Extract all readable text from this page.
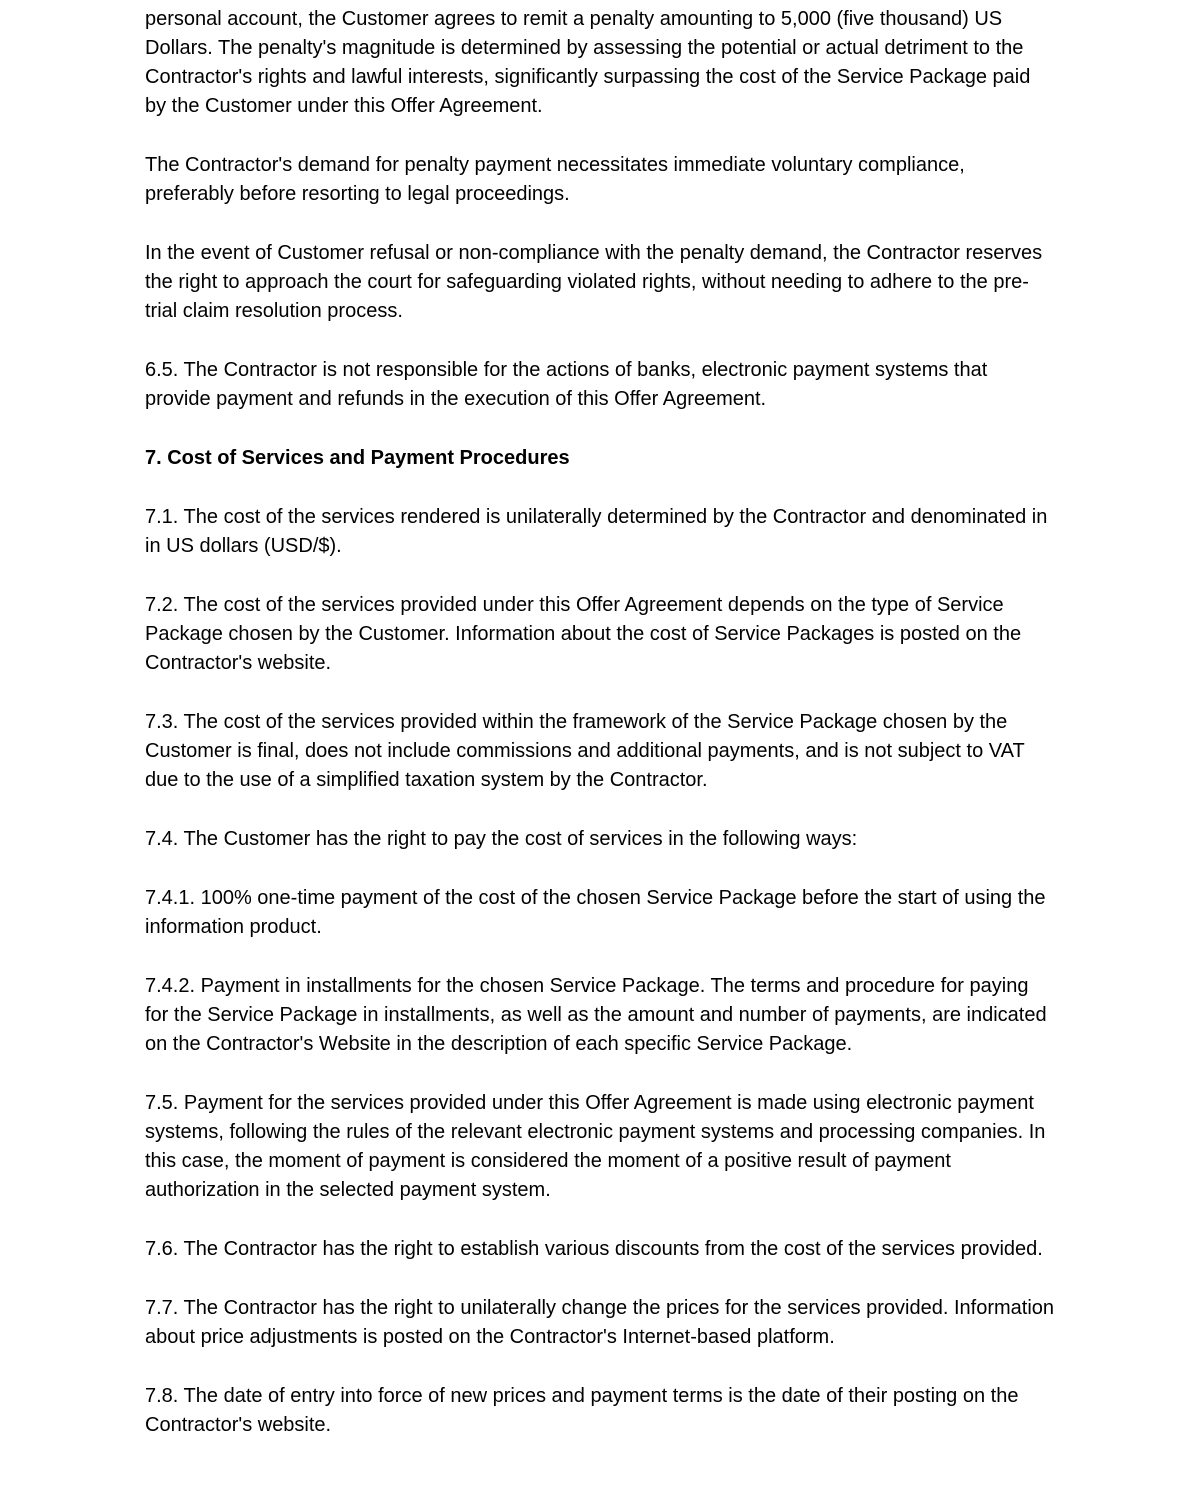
personal account, the Customer agrees to remit a penalty amounting to 5,000 (five thousand) US Dollars. The penalty's magnitude is determined by assessing the potential or actual detriment to the Contractor's rights and lawful interests, significantly surpassing the cost of the Service Package paid by the Customer under this Offer Agreement.

The Contractor's demand for penalty payment necessitates immediate voluntary compliance, preferably before resorting to legal proceedings.

In the event of Customer refusal or non-compliance with the penalty demand, the Contractor reserves the right to approach the court for safeguarding violated rights, without needing to adhere to the pre-trial claim resolution process.

6.5. The Contractor is not responsible for the actions of banks, electronic payment systems that provide payment and refunds in the execution of this Offer Agreement.

7. Cost of Services and Payment Procedures

7.1. The cost of the services rendered is unilaterally determined by the Contractor and denominated in in US dollars (USD/$).

7.2. The cost of the services provided under this Offer Agreement depends on the type of Service Package chosen by the Customer. Information about the cost of Service Packages is posted on the Contractor's website.

7.3. The cost of the services provided within the framework of the Service Package chosen by the Customer is final, does not include commissions and additional payments, and is not subject to VAT due to the use of a simplified taxation system by the Contractor.

7.4. The Customer has the right to pay the cost of services in the following ways:

7.4.1. 100% one-time payment of the cost of the chosen Service Package before the start of using the information product.

7.4.2. Payment in installments for the chosen Service Package. The terms and procedure for paying for the Service Package in installments, as well as the amount and number of payments, are indicated on the Contractor's Website in the description of each specific Service Package.

7.5. Payment for the services provided under this Offer Agreement is made using electronic payment systems, following the rules of the relevant electronic payment systems and processing companies. In this case, the moment of payment is considered the moment of a positive result of payment authorization in the selected payment system.

7.6. The Contractor has the right to establish various discounts from the cost of the services provided.

7.7. The Contractor has the right to unilaterally change the prices for the services provided. Information about price adjustments is posted on the Contractor's Internet-based platform.

7.8. The date of entry into force of new prices and payment terms is the date of their posting on the Contractor's website.
